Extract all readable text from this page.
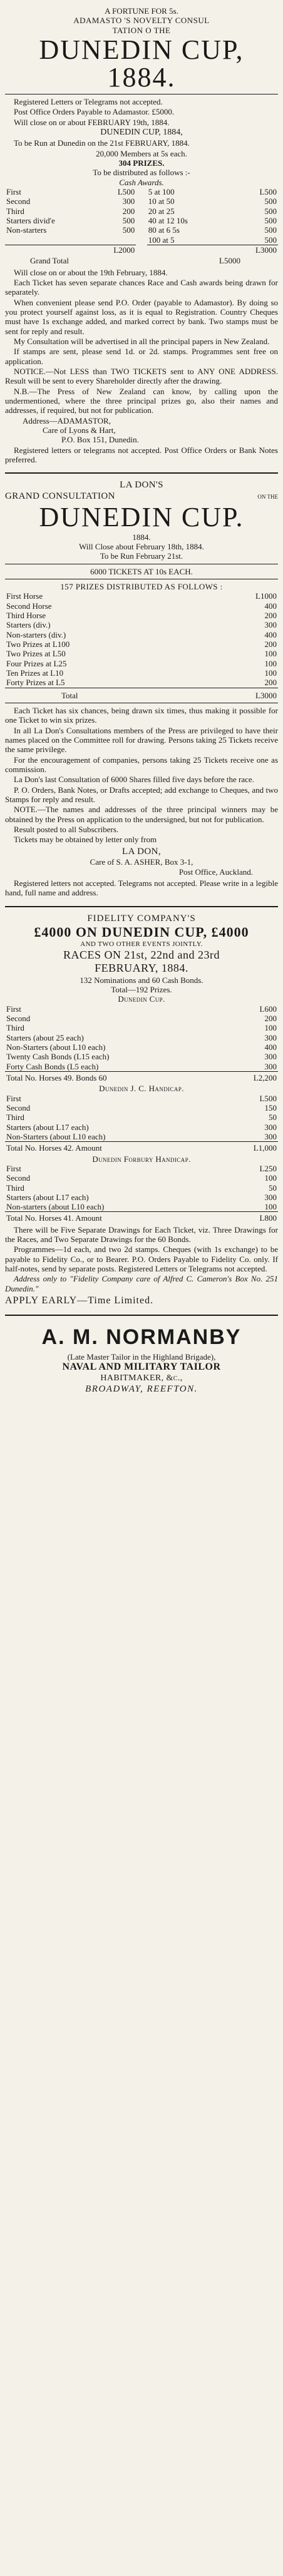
A FORTUNE FOR 5s.
ADAMASTO 'S NOVELTY CONSUL
TATION O THE
DUNEDIN CUP, 1884.

Registered Letters or Telegrams not accepted.

Post Office Orders Payable to Adamastor. £5000.

Will close on or about FEBRUARY 19th, 1884.

DUNEDIN CUP, 1884,

To be Run at Dunedin on the 21st FEBRUARY, 1884.

20,000 Members at 5s each.
304 PRIZES.
To be distributed as follows :-
Cash Awards.
First	L500
Second	300
Third	200
Starters divid'e	500
Non-starters	500

	L2000
5 at 100	L500
10 at 50	500
20 at 25	500
40 at 12 10s	500
80 at 6 5s	500
100 at 5	500

	L3000
Grand Total	L5000

Will close on or about the 19th February, 1884.

Each Ticket has seven separate chances Race and Cash awards being drawn for separately.

When convenient please send P.O. Order (payable to Adamastor). By doing so you protect yourself against loss, as it is equal to Registration. Country Cheques must have 1s exchange added, and marked correct by bank. Two stamps must be sent for reply and result.

My Consultation will be advertised in all the principal papers in New Zealand.

If stamps are sent, please send 1d. or 2d. stamps. Programmes sent free on application.

NOTICE.—Not LESS than TWO TICKETS sent to ANY ONE ADDRESS. Result will be sent to every Shareholder directly after the drawing.

N.B.—The Press of New Zealand can know, by calling upon the undermentioned, where the three principal prizes go, also their names and addresses, if required, but not for publication.

Address—ADAMASTOR,
Care of Lyons & Hart,
P.O. Box 151, Dunedin.

Registered letters or telegrams not accepted. Post Office Orders or Bank Notes preferred.

LA DON'S
GRAND CONSULTATION	ON THE
DUNEDIN CUP.
1884.
Will Close about February 18th, 1884.
To be Run February 21st.
6000 TICKETS AT 10s EACH.
157 PRIZES DISTRIBUTED AS FOLLOWS :
First Horse	L1000
Second Horse	400
Third Horse	200
Starters (div.)	300
Non-starters (div.)	400
Two Prizes at L100	200
Two Prizes at L50	100
Four Prizes at L25	100
Ten Prizes at L10	100
Forty Prizes at L5	200

Total	L3000

Each Ticket has six chances, being drawn six times, thus making it possible for one Ticket to win six prizes.

In all La Don's Consultations members of the Press are privileged to have their names placed on the Committee roll for drawing. Persons taking 25 Tickets receive the same privilege.

For the encouragement of companies, persons taking 25 Tickets receive one as commission.

La Don's last Consultation of 6000 Shares filled five days before the race.

P. O. Orders, Bank Notes, or Drafts accepted; add exchange to Cheques, and two Stamps for reply and result.

NOTE.—The names and addresses of the three principal winners may be obtained by the Press on application to the undersigned, but not for publication.

Result posted to all Subscribers.

Tickets may be obtained by letter only from

LA DON,
Care of S. A. ASHER, Box 3-1,
Post Office, Auckland.

Registered letters not accepted. Telegrams not accepted. Please write in a legible hand, full name and address.

FIDELITY COMPANY'S
£4000 ON DUNEDIN CUP, £4000
AND TWO OTHER EVENTS JOINTLY.
RACES ON 21st, 22nd and 23rd
FEBRUARY, 1884.
132 Nominations and 60 Cash Bonds.
Total—192 Prizes.
Dunedin Cup.
First	L600
Second	200
Third	100
Starters (about 25 each)	300
Non-Starters (about L10 each)	400
Twenty Cash Bonds (L15 each)	300
Forty Cash Bonds (L5 each)	300

Total No. Horses 49. Bonds 60	L2,200
Dunedin J. C. Handicap.
First	L500
Second	150
Third	50
Starters (about L17 each)	300
Non-Starters (about L10 each)	300

Total No. Horses 42. Amount	L1,000
Dunedin Forbury Handicap.
First	L250
Second	100
Third	50
Starters (about L17 each)	300
Non-starters (about L10 each)	100

Total No. Horses 41. Amount	L800

There will be Five Separate Drawings for Each Ticket, viz. Three Drawings for the Races, and Two Separate Drawings for the 60 Bonds.

Programmes—1d each, and two 2d stamps. Cheques (with 1s exchange) to be payable to Fidelity Co., or to Bearer. P.O. Orders Payable to Fidelity Co. only. If half-notes, send by separate posts. Registered Letters or Telegrams not accepted.

Address only to "Fidelity Company care of Alfred C. Cameron's Box No. 251 Dunedin."

APPLY EARLY—Time Limited.
A. M. NORMANBY
(Late Master Tailor in the Highland Brigade),
NAVAL AND MILITARY TAILOR
HABITMAKER, &c.,
BROADWAY, REEFTON.
